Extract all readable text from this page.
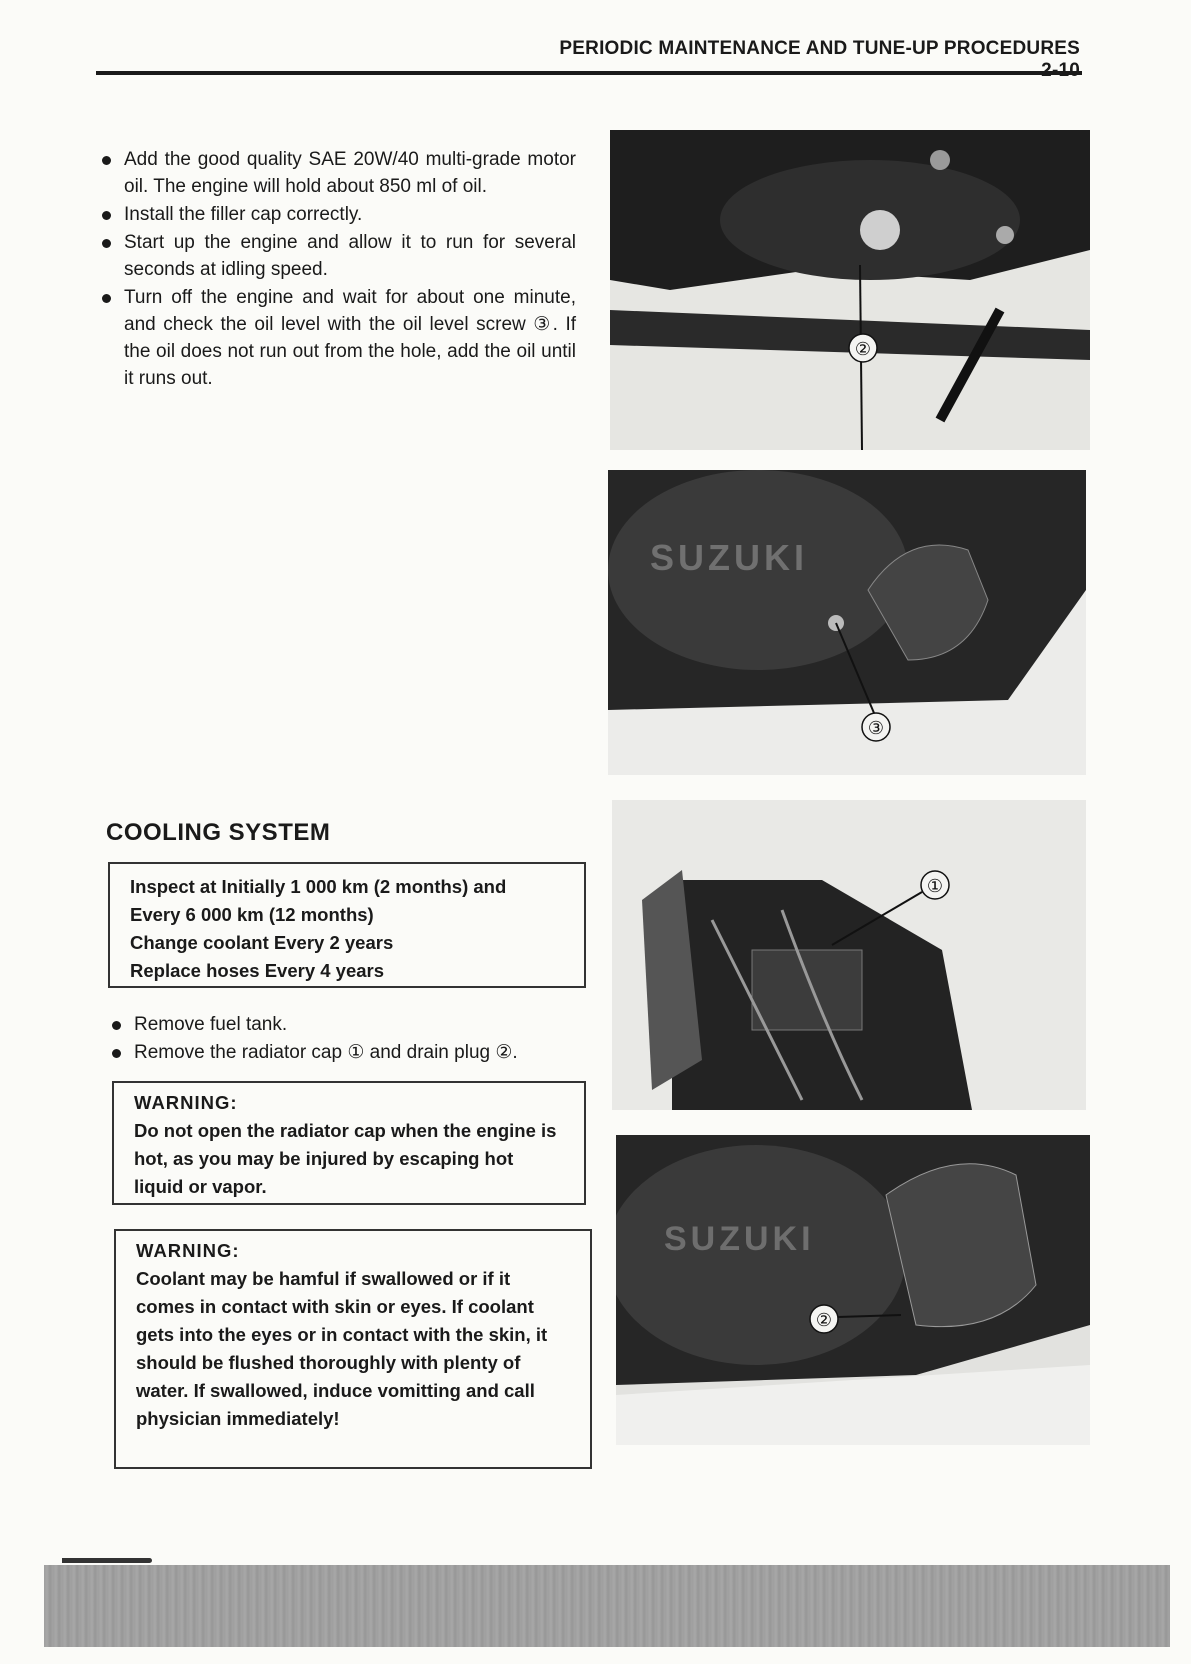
PERIODIC MAINTENANCE AND TUNE-UP PROCEDURES
Add the good quality SAE 20W/40 multi-grade motor oil. The engine will hold about 850 ml of oil.
Install the filler cap correctly.
Start up the engine and allow it to run for several seconds at idling speed.
Turn off the engine and wait for about one minute, and check the oil level with the oil level screw ③. If the oil does not run out from the hole, add the oil until it runs out.
COOLING SYSTEM
Inspect at Initially 1 000 km (2 months) and
Every 6 000 km (12 months)
Change coolant Every 2 years
Replace hoses Every 4 years
Remove fuel tank.
Remove the radiator cap ① and drain plug ②.
WARNING:
Do not open the radiator cap when the engine is hot, as you may be injured by escaping hot liquid or vapor.
WARNING:
Coolant may be hamful if swallowed or if it comes in contact with skin or eyes. If coolant gets into the eyes or in contact with the skin, it should be flushed thoroughly with plenty of water. If swallowed, induce vomitting and call physician immediately!
②
SUZUKI
③
①
SUZUKI
②
